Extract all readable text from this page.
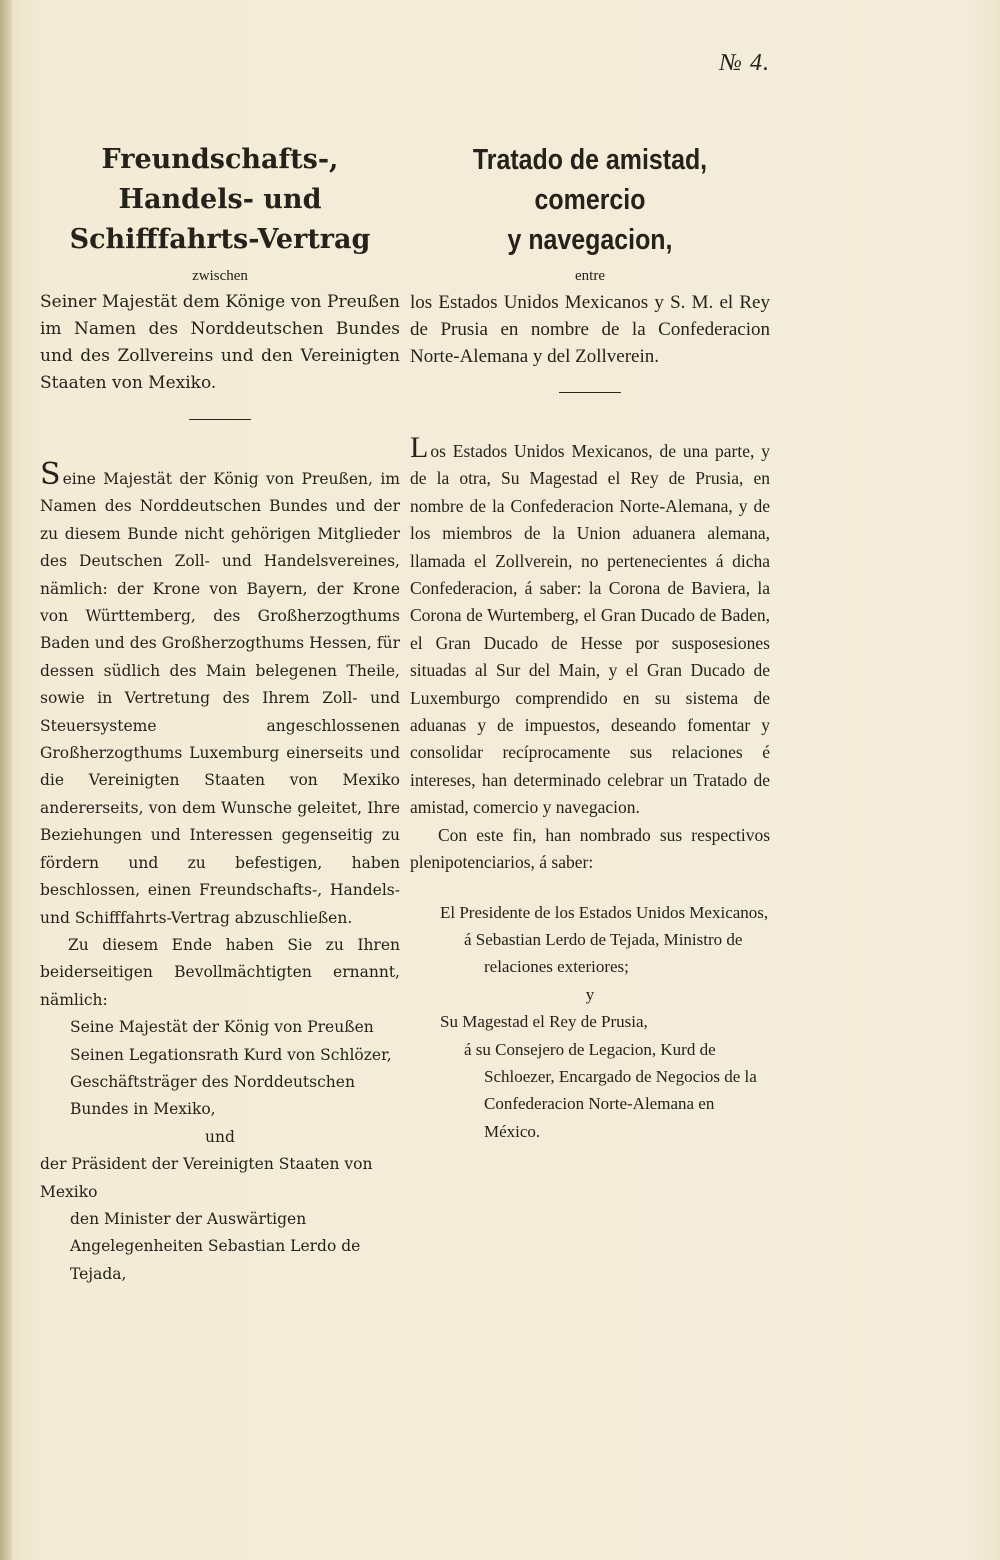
№ 4.
Freundschafts-, Handels- und
Schifffahrts-Vertrag

zwischen

Seiner Majestät dem Könige von Preußen im Namen des Norddeutschen Bundes und des Zollvereins und den Vereinigten Staaten von Mexiko.

Seine Majestät der König von Preußen, im Namen des Norddeutschen Bundes und der zu diesem Bunde nicht gehörigen Mitglieder des Deutschen Zoll- und Handelsvereines, nämlich: der Krone von Bayern, der Krone von Württemberg, des Großherzogthums Baden und des Großherzogthums Hessen, für dessen südlich des Main belegenen Theile, sowie in Vertretung des Ihrem Zoll- und Steuersysteme angeschlossenen Großherzogthums Luxemburg einerseits und die Vereinigten Staaten von Mexiko andererseits, von dem Wunsche geleitet, Ihre Beziehungen und Interessen gegenseitig zu fördern und zu befestigen, haben beschlossen, einen Freundschafts-, Handels- und Schifffahrts-Vertrag abzuschließen.

Zu diesem Ende haben Sie zu Ihren beiderseitigen Bevollmächtigten ernannt, nämlich:

Seine Majestät der König von Preußen Seinen Legationsrath Kurd von Schlözer, Geschäftsträger des Norddeutschen Bundes in Mexiko,

und

der Präsident der Vereinigten Staaten von Mexiko

den Minister der Auswärtigen Angelegenheiten Sebastian Lerdo de Tejada,

Tratado de amistad, comercio
y navegacion,

entre

los Estados Unidos Mexicanos y S. M. el Rey de Prusia en nombre de la Confederacion Norte-Alemana y del Zollverein.

Los Estados Unidos Mexicanos, de una parte, y de la otra, Su Magestad el Rey de Prusia, en nombre de la Confederacion Norte-Alemana, y de los miembros de la Union aduanera alemana, llamada el Zollverein, no pertenecientes á dicha Confederacion, á saber: la Corona de Baviera, la Corona de Wurtemberg, el Gran Ducado de Baden, el Gran Ducado de Hesse por susposesiones situadas al Sur del Main, y el Gran Ducado de Luxemburgo comprendido en su sistema de aduanas y de impuestos, deseando fomentar y consolidar recíprocamente sus relaciones é intereses, han determinado celebrar un Tratado de amistad, comercio y navegacion.

Con este fin, han nombrado sus respectivos plenipotenciarios, á saber:

El Presidente de los Estados Unidos Mexicanos,

á Sebastian Lerdo de Tejada, Ministro de relaciones exteriores;

y

Su Magestad el Rey de Prusia,

á su Consejero de Legacion, Kurd de Schloezer, Encargado de Negocios de la Confederacion Norte-Alemana en México.
